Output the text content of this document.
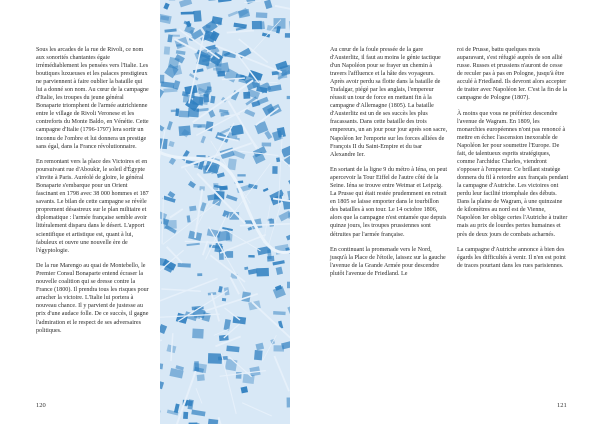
Sous les arcades de la rue de Rivoli, ce nom aux sonorités chantantes égaie irrémédiablement les pensées vers l'Italie. Les boutiques luxueuses et les palaces prestigieux ne parviennent à faire oublier la bataille qui lui a donné son nom. Au cœur de la campagne d'Italie, les troupes du jeune général Bonaparte triomphent de l'armée autrichienne entre le village de Rivoli Veronese et les contreforts du Monte Baldo, en Vénétie. Cette campagne d'Italie (1796-1797) lera sortir un inconnu de l'ombre et lui donnera un prestige sans égal, dans la France révolutionnaire.

En remontant vers la place des Victoires et en poursuivant rue d'Aboukir, le soleil d'Égypte s'invite à Paris. Auréolé de gloire, le général Bonaparte s'embarque pour un Orient fascinant en 1798 avec 38 000 hommes et 187 savants. Le bilan de cette campagne se révèle proprement désastreux sur le plan militaire et diplomatique : l'armée française semble avoir littéralement disparu dans le désert. L'apport scientifique et artistique est, quant à lui, fabuleux et ouvre une nouvelle ère de l'égyptologie.

De la rue Marengo au quai de Montebello, le Premier Consul Bonaparte entend écraser la nouvelle coalition qui se dresse contre la France (1800). Il prendra tous les risques pour arracher la victoire. L'Italie lui portera à nouveau chance. Il y parvient de justesse au prix d'une audace folle. De ce succès, il gagne l'admiration et le respect de ses adversaires politiques.

120

Au cœur de la foule pressée de la gare d'Austerlitz, il faut au moins le génie tactique d'un Napoléon pour se frayer un chemin à travers l'affluence et la hâte des voyageurs. Après avoir perdu sa flotte dans la bataille de Trafalgar, piégé par les anglais, l'empereur réussit un tour de force en mettant fin à la campagne d'Allemagne (1805). La bataille d'Austerlitz est un de ses succès les plus fracassants. Dans cette bataille des trois empereurs, un an jour pour jour après son sacre, Napoléon Ier l'emporte sur les forces alliées de François II du Saint-Empire et du tsar Alexandre Ier.

En sortant de la ligne 9 du métro à Iéna, on peut apercevoir la Tour Eiffel de l'autre côté de la Seine. Iéna se trouve entre Weimar et Leipzig. La Prusse qui était restée prudemment en retrait en 1805 se laisse emporter dans le tourbillon des batailles à son tour. Le 14 octobre 1806, alors que la campagne n'est entamée que depuis quinze jours, les troupes prussiennes sont détruites par l'armée française.

En continuant la promenade vers le Nord, jusqu'à la Place de l'étoile, laissez sur la gauche l'avenue de la Grande Armée pour descendre plutôt l'avenue de Friedland. Le

roi de Prusse, battu quelques mois auparavant, s'est réfugié auprès de son allié russe. Russes et prussiens n'auront de cesse de reculer pas à pas en Pologne, jusqu'à être acculé à Friedland. Ils devront alors accepter de traiter avec Napoléon Ier. C'est la fin de la campagne de Pologne (1807).

À moins que vous ne préfériez descendre l'avenue de Wagram. En 1809, les monarchies européennes n'ont pas renoncé à mettre en échec l'ascension inexorable de Napoléon Ier pour soumettre l'Europe. De fait, de talentueux esprits stratégiques, comme l'archiduc Charles, viendront s'opposer à l'empereur. Ce brillant stratège donnera du fil à retordre aux français pendant la campagne d'Autriche. Les victoires ont perdu leur facilité triomphale des débuts. Dans la plaine de Wagram, à une quinzaine de kilomètres au nord est de Vienne, Napoléon Ier oblige certes l'Autriche à traiter mais au prix de lourdes pertes humaines et près de deux jours de combats acharnés.

La campagne d'Autriche annonce à bien des égards les difficultés à venir. Il n'en est point de traces pourtant dans les rues parisiennes.

121
